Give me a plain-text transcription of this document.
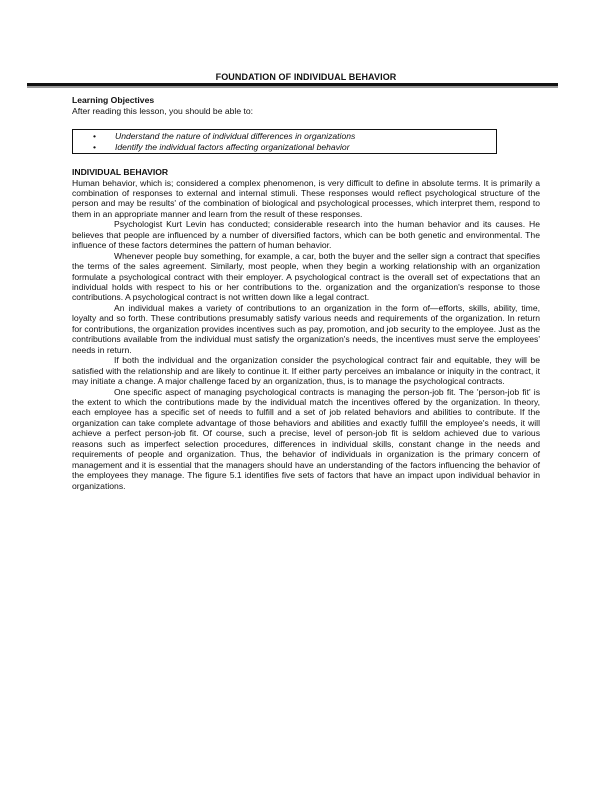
FOUNDATION OF INDIVIDUAL BEHAVIOR
Learning Objectives
After reading this lesson, you should be able to:
• Understand the nature of individual differences in organizations
• Identify the individual factors affecting organizational behavior
INDIVIDUAL BEHAVIOR

Human behavior, which is; considered a complex phenomenon, is very difficult to define in absolute terms. It is primarily a combination of responses to external and internal stimuli. These responses would reflect psychological structure of the person and may be results' of the combination of biological and psychological processes, which interpret them, respond to them in an appropriate manner and learn from the result of these responses.

Psychologist Kurt Levin has conducted; considerable research into the human behavior and its causes. He believes that people are influenced by a number of diversified factors, which can be both genetic and environmental. The influence of these factors determines the pattern of human behavior.

Whenever people buy something, for example, a car, both the buyer and the seller sign a contract that specifies the terms of the sales agreement. Similarly, most people, when they begin a working relationship with an organization formulate a psychological contract with their employer. A psychological contract is the overall set of expectations that an individual holds with respect to his or her contributions to the. organization and the organization's response to those contributions. A psychological contract is not written down like a legal contract.

An individual makes a variety of contributions to an organization in the form of—efforts, skills, ability, time, loyalty and so forth. These contributions presumably satisfy various needs and requirements of the organization. In return for contributions, the organization provides incentives such as pay, promotion, and job security to the employee. Just as the contributions available from the individual must satisfy the organization's needs, the incentives must serve the employees' needs in return.

If both the individual and the organization consider the psychological contract fair and equitable, they will be satisfied with the relationship and are likely to continue it. If either party perceives an imbalance or iniquity in the contract, it may initiate a change. A major challenge faced by an organization, thus, is to manage the psychological contracts.

One specific aspect of managing psychological contracts is managing the person-job fit. The 'person-job fit' is the extent to which the contributions made by the individual match the incentives offered by the organization. In theory, each employee has a specific set of needs to fulfill and a set of job related behaviors and abilities to contribute. If the organization can take complete advantage of those behaviors and abilities and exactly fulfill the employee's needs, it will achieve a perfect person-job fit. Of course, such a precise, level of person-job fit is seldom achieved due to various reasons such as imperfect selection procedures, differences in individual skills, constant change in the needs and requirements of people and organization. Thus, the behavior of individuals in organization is the primary concern of management and it is essential that the managers should have an understanding of the factors influencing the behavior of the employees they manage. The figure 5.1 identifies five sets of factors that have an impact upon individual behavior in organizations.
